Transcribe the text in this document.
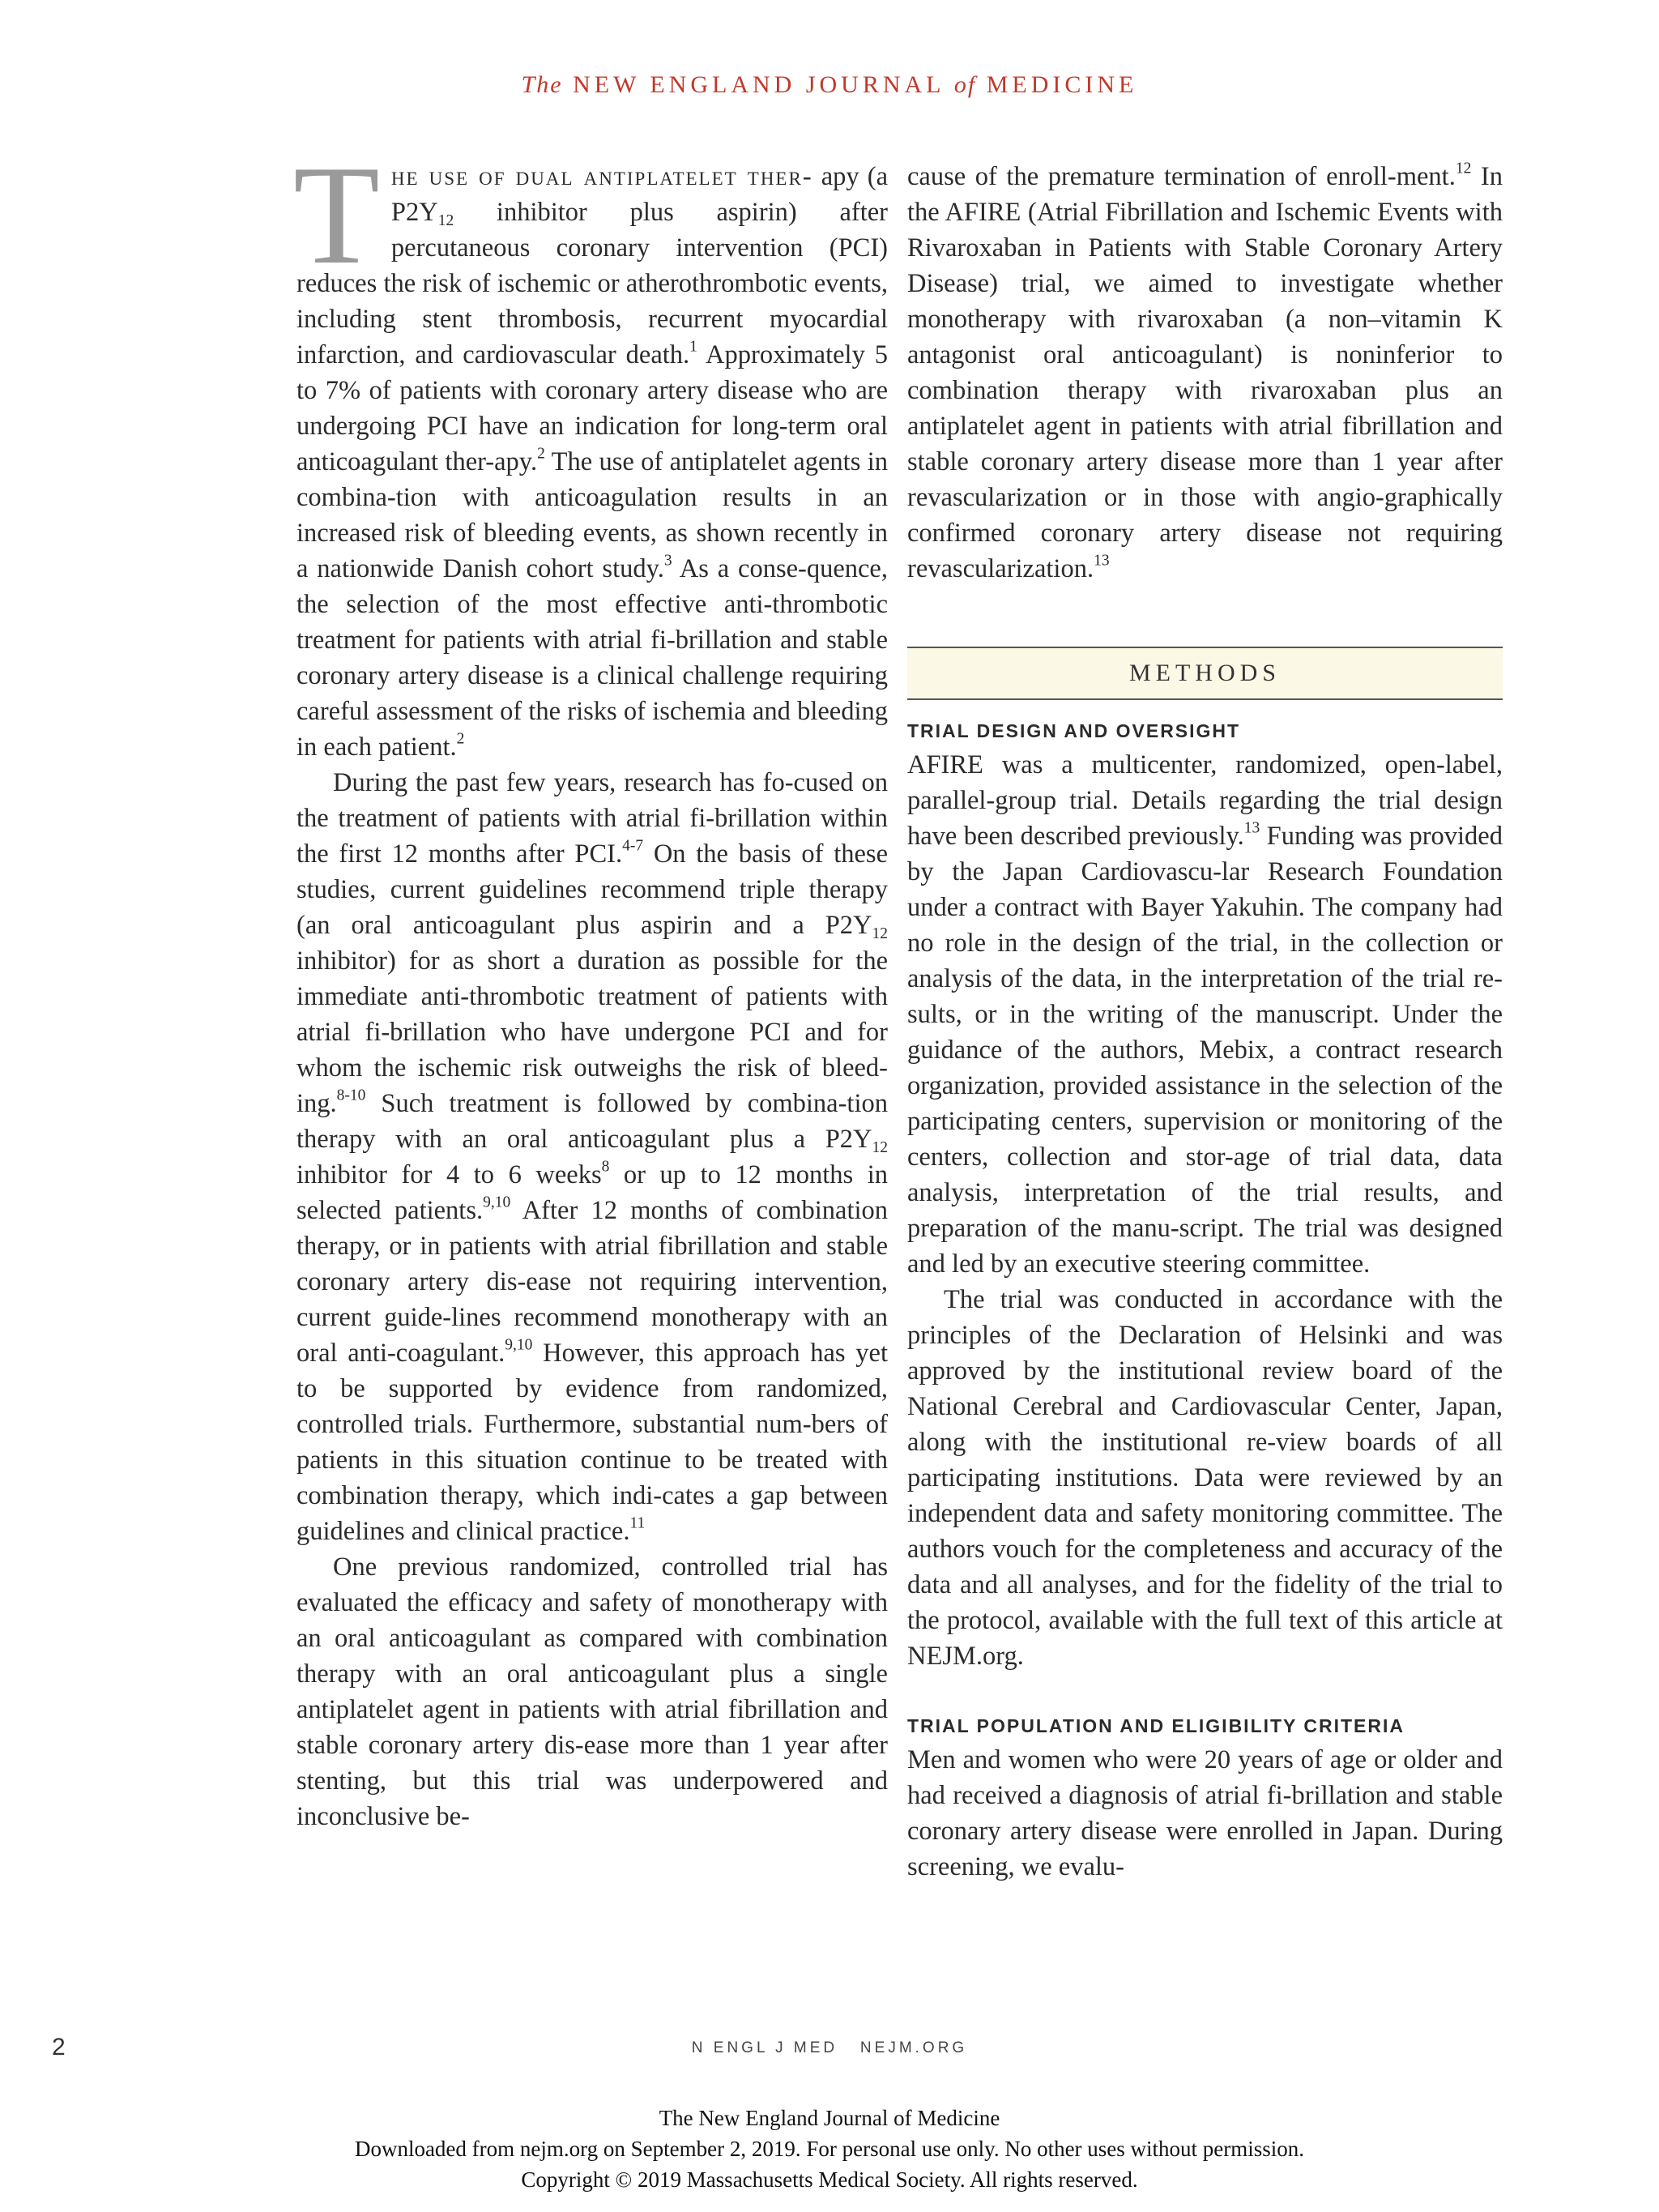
The NEW ENGLAND JOURNAL of MEDICINE

The use of dual antiplatelet ther- apy (a $P2Y_{12}$ inhibitor plus aspirin) after percutaneous coronary intervention (PCI) reduces the risk of ischemic or atherothrombotic events, including stent thrombosis, recurrent myocardial infarction, and cardiovascular death.$^1$ Approximately 5 to 7% of patients with coronary artery disease who are undergoing PCI have an indication for long-term oral anticoagulant ther-apy.$^2$ The use of antiplatelet agents in combina-tion with anticoagulation results in an increased risk of bleeding events, as shown recently in a nationwide Danish cohort study.$^3$ As a conse-quence, the selection of the most effective anti-thrombotic treatment for patients with atrial fi-brillation and stable coronary artery disease is a clinical challenge requiring careful assessment of the risks of ischemia and bleeding in each patient.$^2$

During the past few years, research has fo-cused on the treatment of patients with atrial fi-brillation within the first 12 months after PCI.$^{4-7}$ On the basis of these studies, current guidelines recommend triple therapy (an oral anticoagulant plus aspirin and a $P2Y_{12}$ inhibitor) for as short a duration as possible for the immediate anti-thrombotic treatment of patients with atrial fi-brillation who have undergone PCI and for whom the ischemic risk outweighs the risk of bleed-ing.$^{8-10}$ Such treatment is followed by combina-tion therapy with an oral anticoagulant plus a $P2Y_{12}$ inhibitor for 4 to 6 weeks$^8$ or up to 12 months in selected patients.$^{9,10}$ After 12 months of combination therapy, or in patients with atrial fibrillation and stable coronary artery dis-ease not requiring intervention, current guide-lines recommend monotherapy with an oral anti-coagulant.$^{9,10}$ However, this approach has yet to be supported by evidence from randomized, controlled trials. Furthermore, substantial num-bers of patients in this situation continue to be treated with combination therapy, which indi-cates a gap between guidelines and clinical practice.$^{11}$

One previous randomized, controlled trial has evaluated the efficacy and safety of monotherapy with an oral anticoagulant as compared with combination therapy with an oral anticoagulant plus a single antiplatelet agent in patients with atrial fibrillation and stable coronary artery dis-ease more than 1 year after stenting, but this trial was underpowered and inconclusive be-

cause of the premature termination of enroll-ment.$^{12}$ In the AFIRE (Atrial Fibrillation and Ischemic Events with Rivaroxaban in Patients with Stable Coronary Artery Disease) trial, we aimed to investigate whether monotherapy with rivaroxaban (a non–vitamin K antagonist oral anticoagulant) is noninferior to combination therapy with rivaroxaban plus an antiplatelet agent in patients with atrial fibrillation and stable coronary artery disease more than 1 year after revascularization or in those with angio-graphically confirmed coronary artery disease not requiring revascularization.$^{13}$

METHODS

TRIAL DESIGN AND OVERSIGHT

AFIRE was a multicenter, randomized, open-label, parallel-group trial. Details regarding the trial design have been described previously.$^{13}$ Funding was provided by the Japan Cardiovascu-lar Research Foundation under a contract with Bayer Yakuhin. The company had no role in the design of the trial, in the collection or analysis of the data, in the interpretation of the trial re-sults, or in the writing of the manuscript. Under the guidance of the authors, Mebix, a contract research organization, provided assistance in the selection of the participating centers, supervision or monitoring of the centers, collection and stor-age of trial data, data analysis, interpretation of the trial results, and preparation of the manu-script. The trial was designed and led by an executive steering committee.

The trial was conducted in accordance with the principles of the Declaration of Helsinki and was approved by the institutional review board of the National Cerebral and Cardiovascular Center, Japan, along with the institutional re-view boards of all participating institutions. Data were reviewed by an independent data and safety monitoring committee. The authors vouch for the completeness and accuracy of the data and all analyses, and for the fidelity of the trial to the protocol, available with the full text of this article at NEJM.org.

TRIAL POPULATION AND ELIGIBILITY CRITERIA

Men and women who were 20 years of age or older and had received a diagnosis of atrial fi-brillation and stable coronary artery disease were enrolled in Japan. During screening, we evalu-

2	N ENGL J MED   NEJM.ORG
The New England Journal of Medicine
Downloaded from nejm.org on September 2, 2019. For personal use only. No other uses without permission.
Copyright © 2019 Massachusetts Medical Society. All rights reserved.
